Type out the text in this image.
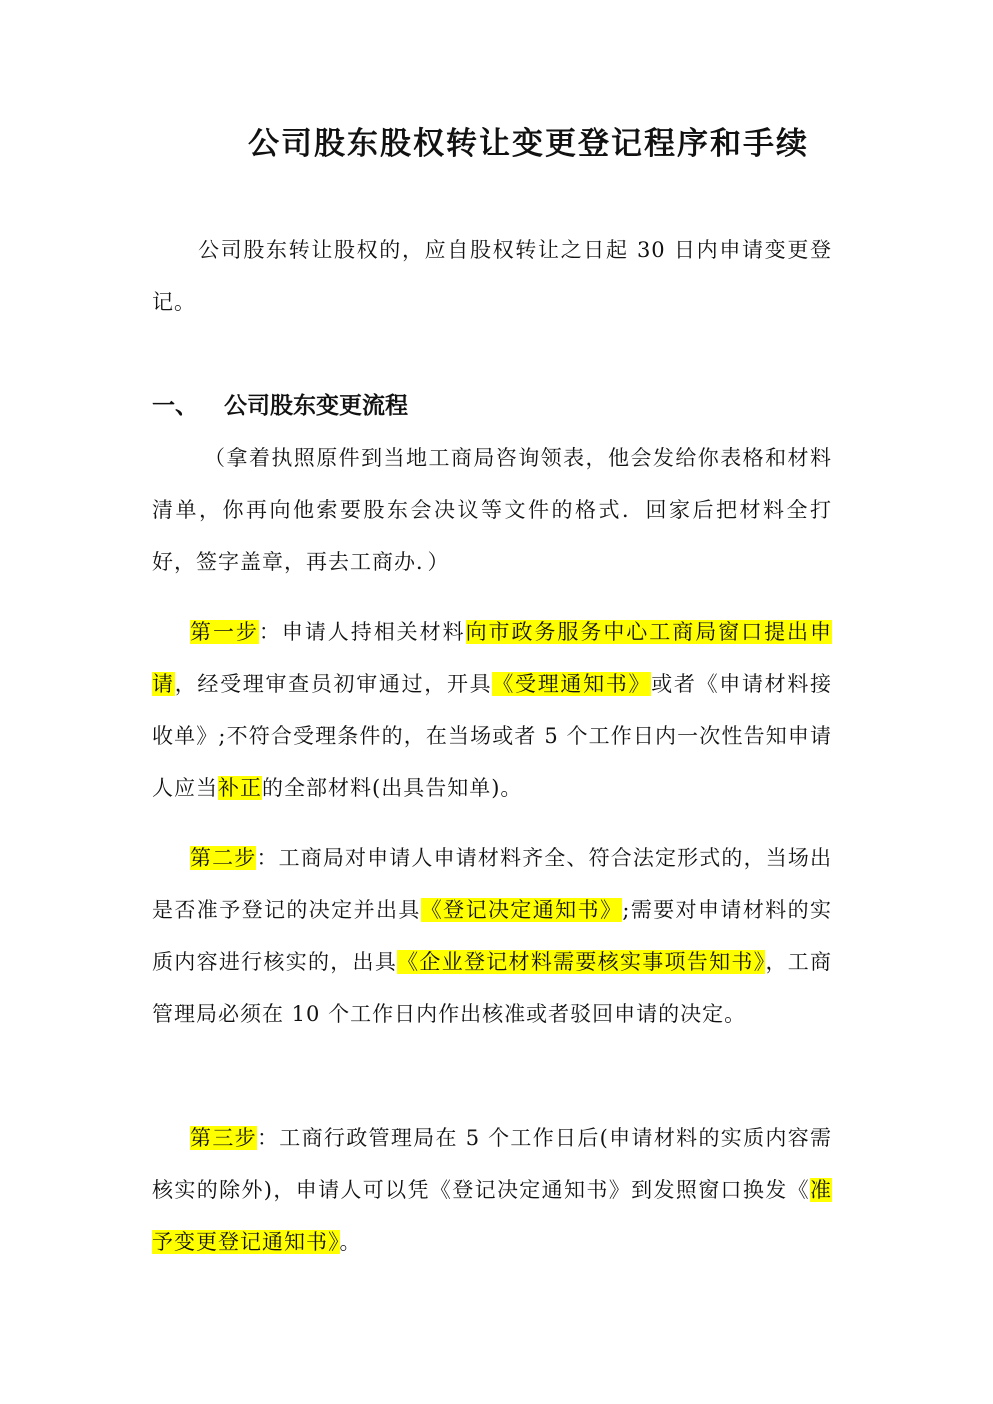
公司股东股权转让变更登记程序和手续

公司股东转让股权的，应自股权转让之日起 30 日内申请变更登记。

一、 公司股东变更流程

（拿着执照原件到当地工商局咨询领表，他会发给你表格和材料清单，你再向他索要股东会决议等文件的格式．回家后把材料全打好，签字盖章，再去工商办．）

第一步：申请人持相关材料向市政务服务中心工商局窗口提出申请，经受理审查员初审通过，开具《受理通知书》或者《申请材料接收单》;不符合受理条件的，在当场或者 5 个工作日内一次性告知申请人应当补正的全部材料(出具告知单)。

第二步：工商局对申请人申请材料齐全、符合法定形式的，当场出是否准予登记的决定并出具《登记决定通知书》;需要对申请材料的实质内容进行核实的，出具《企业登记材料需要核实事项告知书》，工商管理局必须在 10 个工作日内作出核准或者驳回申请的决定。

第三步：工商行政管理局在 5 个工作日后(申请材料的实质内容需核实的除外)，申请人可以凭《登记决定通知书》到发照窗口换发《准予变更登记通知书》。
